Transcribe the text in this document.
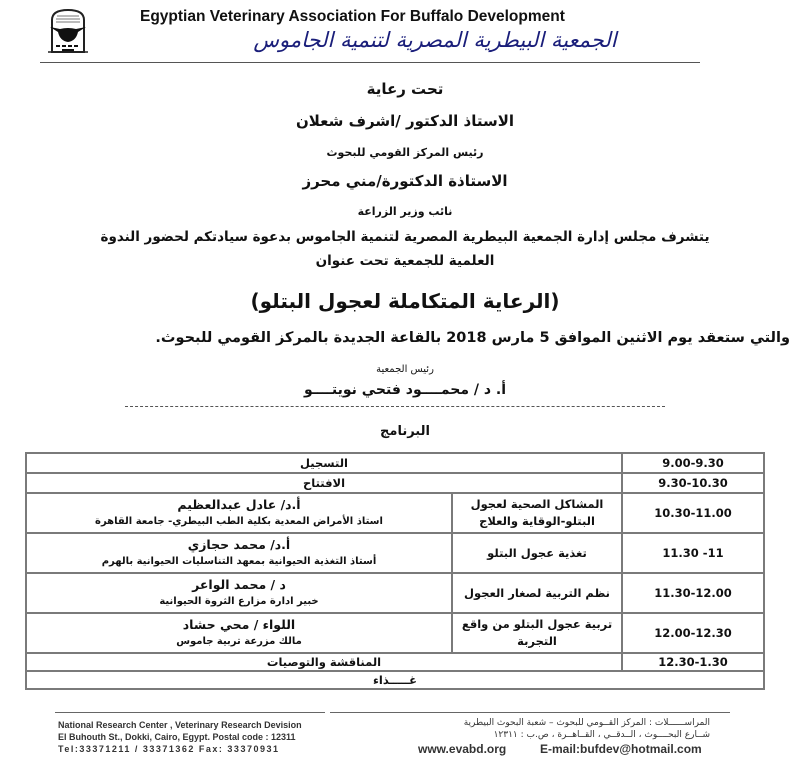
Egyptian Veterinary Association For Buffalo Development
الجمعية البيطرية المصرية لتنمية الجاموس
تحت رعاية
الاستاذ الدكتور /اشرف شعلان
رئيس المركز القومي للبحوث
الاستاذة الدكتورة/مني محرز
نائب وزير الزراعة
يتشرف مجلس إدارة الجمعية البيطرية المصرية لتنمية الجاموس بدعوة سيادتكم لحضور الندوة
العلمية للجمعية تحت عنوان
(الرعاية المتكاملة لعجول البتلو)
والتي ستعقد يوم الاثنين الموافق 5 مارس 2018 بالقاعة الجديدة بالمركز القومي للبحوث.
رئيس الجمعية
أ. د / محمــــود فتحي نويتــــو
البرنامج
التسجيل		9.00-9.30
الافتتاح		9.30-10.30

أ.د/ عادل عبدالعظيم
استاذ الأمراض المعدية بكلية الطب البيطري- جامعة القاهرة	المشاكل الصحية لعجول البتلو-الوقاية والعلاج	10.30-11.00

أ.د/ محمد حجازي
أستاذ التغذية الحيوانية بمعهد التناسليات الحيوانية بالهرم	تغذية عجول البتلو	11- 11.30

د / محمد الواعر
خبير ادارة مزارع الثروة الحيوانية	نظم التربية لصغار العجول	11.30-12.00

اللواء / محي حشاد
مالك مزرعة تربية جاموس	تربية عجول البتلو من واقع التجربة	12.00-12.30
المناقشة والتوصيات		12.30-1.30
غـــــذاء		
National Research Center , Veterinary Research Devision
El Buhouth St., Dokki, Cairo, Egypt. Postal code : 12311
Tel:33371211 / 33371362 Fax: 33370931
المراســــــلات : المركز القــومي للبحوث – شعبة البحوث البيطرية
شــارع البحــــوث ، الــدقــي ، القــاهــرة ، ص.ب : ١٢٣١١
www.evabd.org	E-mail:bufdev@hotmail.com
